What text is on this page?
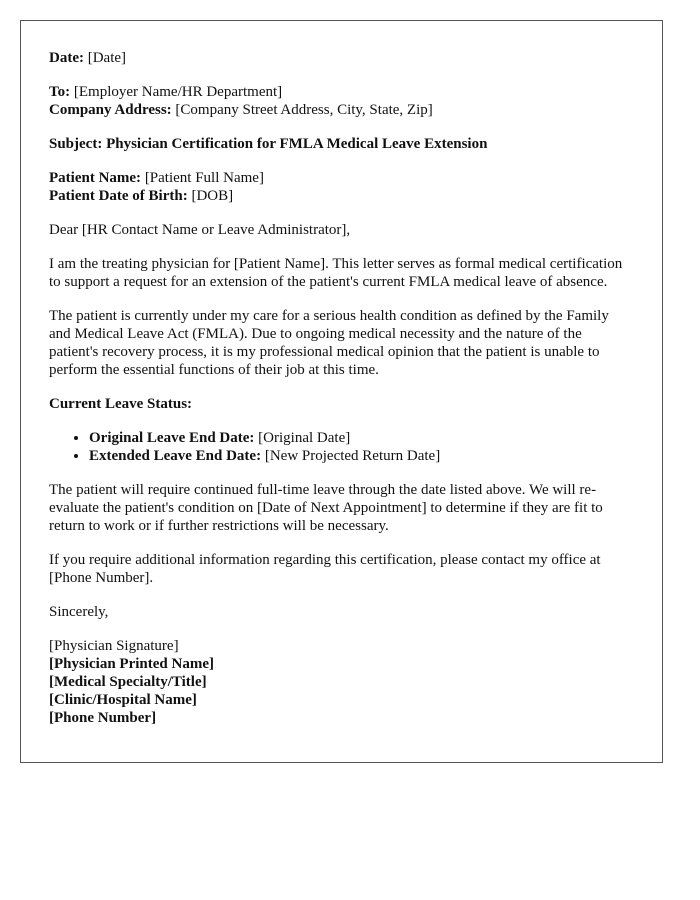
Date: [Date]

To: [Employer Name/HR Department]
Company Address: [Company Street Address, City, State, Zip]

Subject: Physician Certification for FMLA Medical Leave Extension

Patient Name: [Patient Full Name]
Patient Date of Birth: [DOB]

Dear [HR Contact Name or Leave Administrator],

I am the treating physician for [Patient Name]. This letter serves as formal medical certification to support a request for an extension of the patient's current FMLA medical leave of absence.

The patient is currently under my care for a serious health condition as defined by the Family and Medical Leave Act (FMLA). Due to ongoing medical necessity and the nature of the patient's recovery process, it is my professional medical opinion that the patient is unable to perform the essential functions of their job at this time.

Current Leave Status:

• Original Leave End Date: [Original Date]
• Extended Leave End Date: [New Projected Return Date]

The patient will require continued full-time leave through the date listed above. We will re-evaluate the patient's condition on [Date of Next Appointment] to determine if they are fit to return to work or if further restrictions will be necessary.

If you require additional information regarding this certification, please contact my office at [Phone Number].

Sincerely,

[Physician Signature]
[Physician Printed Name]
[Medical Specialty/Title]
[Clinic/Hospital Name]
[Phone Number]
